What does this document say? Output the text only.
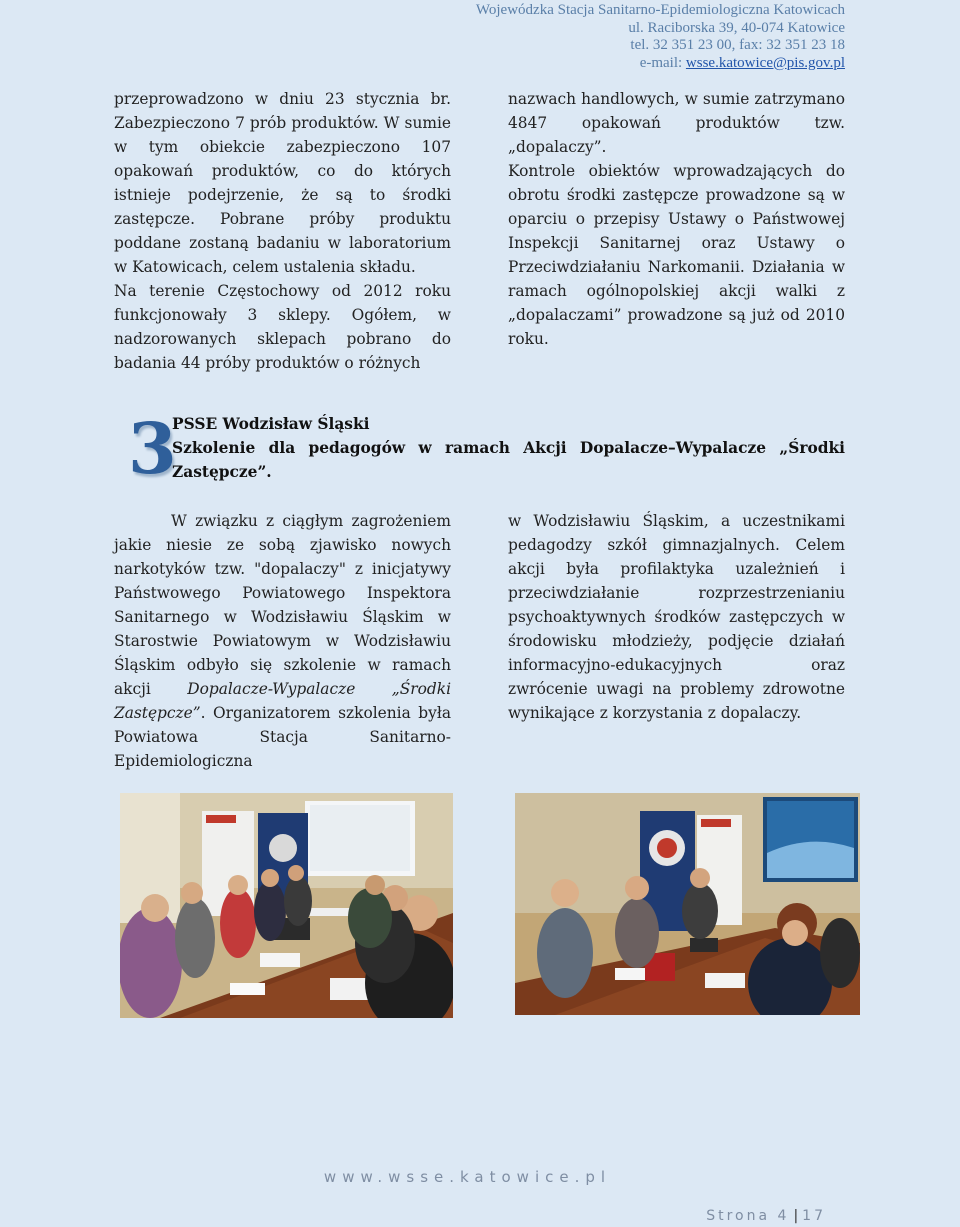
Wojewódzka Stacja Sanitarno-Epidemiologiczna Katowicach
ul. Raciborska 39, 40-074 Katowice
tel. 32 351 23 00, fax: 32 351 23 18
e-mail: wsse.katowice@pis.gov.pl

przeprowadzono w dniu 23 stycznia br. Zabezpieczono 7 prób produktów. W sumie w tym obiekcie zabezpieczono 107 opakowań produktów, co do których istnieje podejrzenie, że są to środki zastępcze. Pobrane próby produktu poddane zostaną badaniu w laboratorium w Katowicach, celem ustalenia składu.

Na terenie Częstochowy od 2012 roku funkcjonowały 3 sklepy. Ogółem, w nadzorowanych sklepach pobrano do badania 44 próby produktów o różnych

nazwach handlowych, w sumie zatrzymano 4847 opakowań produktów tzw. „dopalaczy”.

Kontrole obiektów wprowadzających do obrotu środki zastępcze prowadzone są w oparciu o przepisy Ustawy o Państwowej Inspekcji Sanitarnej oraz Ustawy o Przeciwdziałaniu Narkomanii. Działania w ramach ogólnopolskiej akcji walki z „dopalaczami” prowadzone są już od 2010 roku.

3
PSSE Wodzisław Śląski
Szkolenie dla pedagogów w ramach Akcji Dopalacze–Wypalacze „Środki
Zastępcze”.

W związku z ciągłym zagrożeniem jakie niesie ze sobą zjawisko nowych narkotyków tzw. "dopalaczy" z inicjatywy Państwowego Powiatowego Inspektora Sanitarnego w Wodzisławiu Śląskim w Starostwie Powiatowym w Wodzisławiu Śląskim odbyło się szkolenie w ramach akcji Dopalacze-Wypalacze „Środki Zastępcze”. Organizatorem szkolenia była Powiatowa Stacja Sanitarno-Epidemiologiczna

w Wodzisławiu Śląskim, a uczestnikami pedagodzy szkół gimnazjalnych. Celem akcji była profilaktyka uzależnień i przeciwdziałanie rozprzestrzenianiu psychoaktywnych środków zastępczych w środowisku młodzieży, podjęcie działań informacyjno-edukacyjnych oraz zwrócenie uwagi na problemy zdrowotne wynikające z korzystania z dopalaczy.

www.wsse.katowice.pl
Strona 4 | 17
